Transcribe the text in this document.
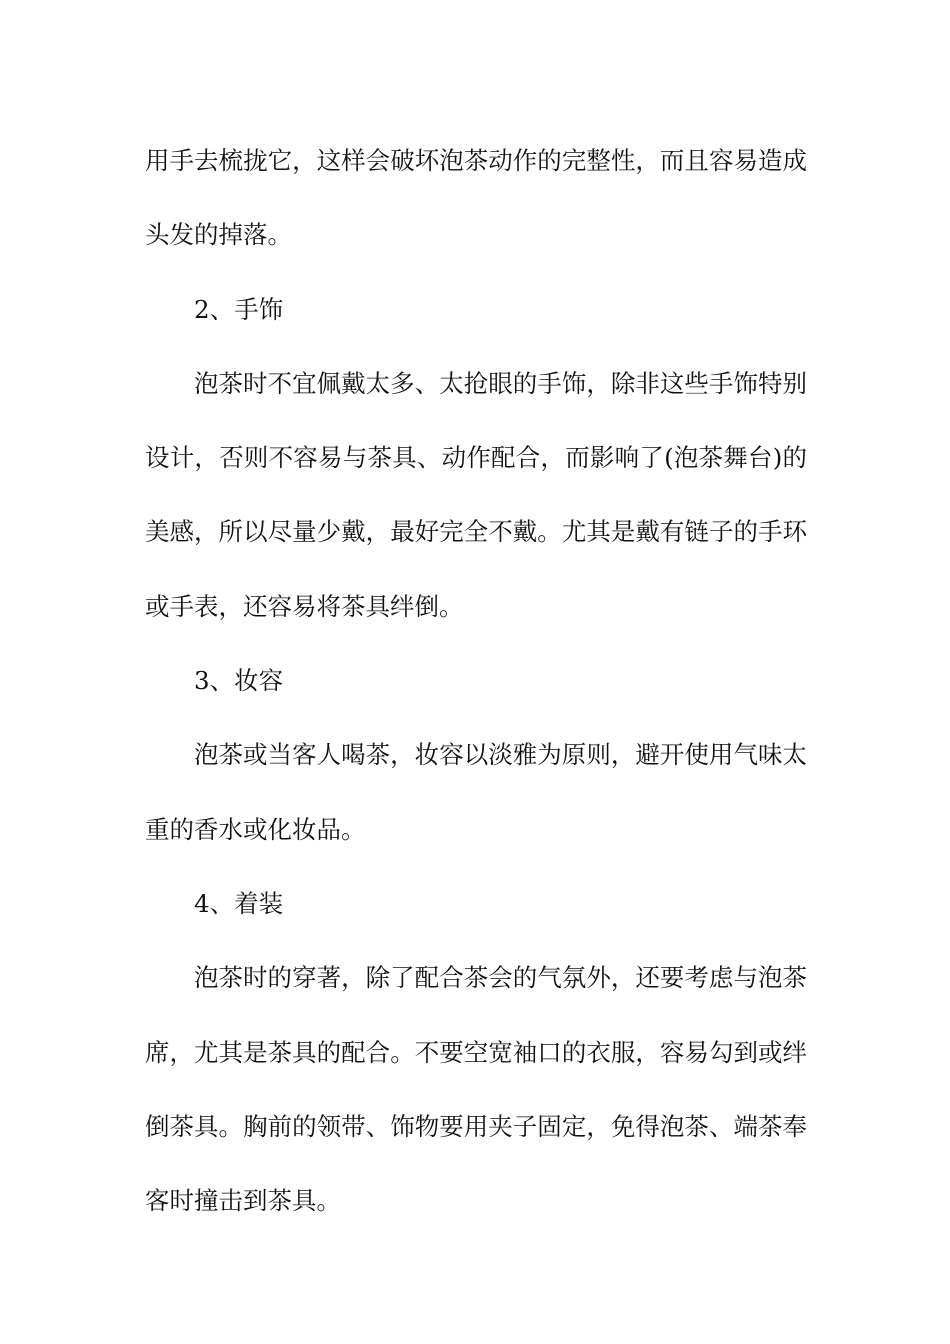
用手去梳拢它，这样会破坏泡茶动作的完整性，而且容易造成头发的掉落。

2、手饰

泡茶时不宜佩戴太多、太抢眼的手饰，除非这些手饰特别设计，否则不容易与茶具、动作配合，而影响了(泡茶舞台)的美感，所以尽量少戴，最好完全不戴。尤其是戴有链子的手环或手表，还容易将茶具绊倒。

3、妆容

泡茶或当客人喝茶，妆容以淡雅为原则，避开使用气味太重的香水或化妆品。

4、着装

泡茶时的穿著，除了配合茶会的气氛外，还要考虑与泡茶席，尤其是茶具的配合。不要空宽袖口的衣服，容易勾到或绊倒茶具。胸前的领带、饰物要用夹子固定，免得泡茶、端茶奉客时撞击到茶具。
